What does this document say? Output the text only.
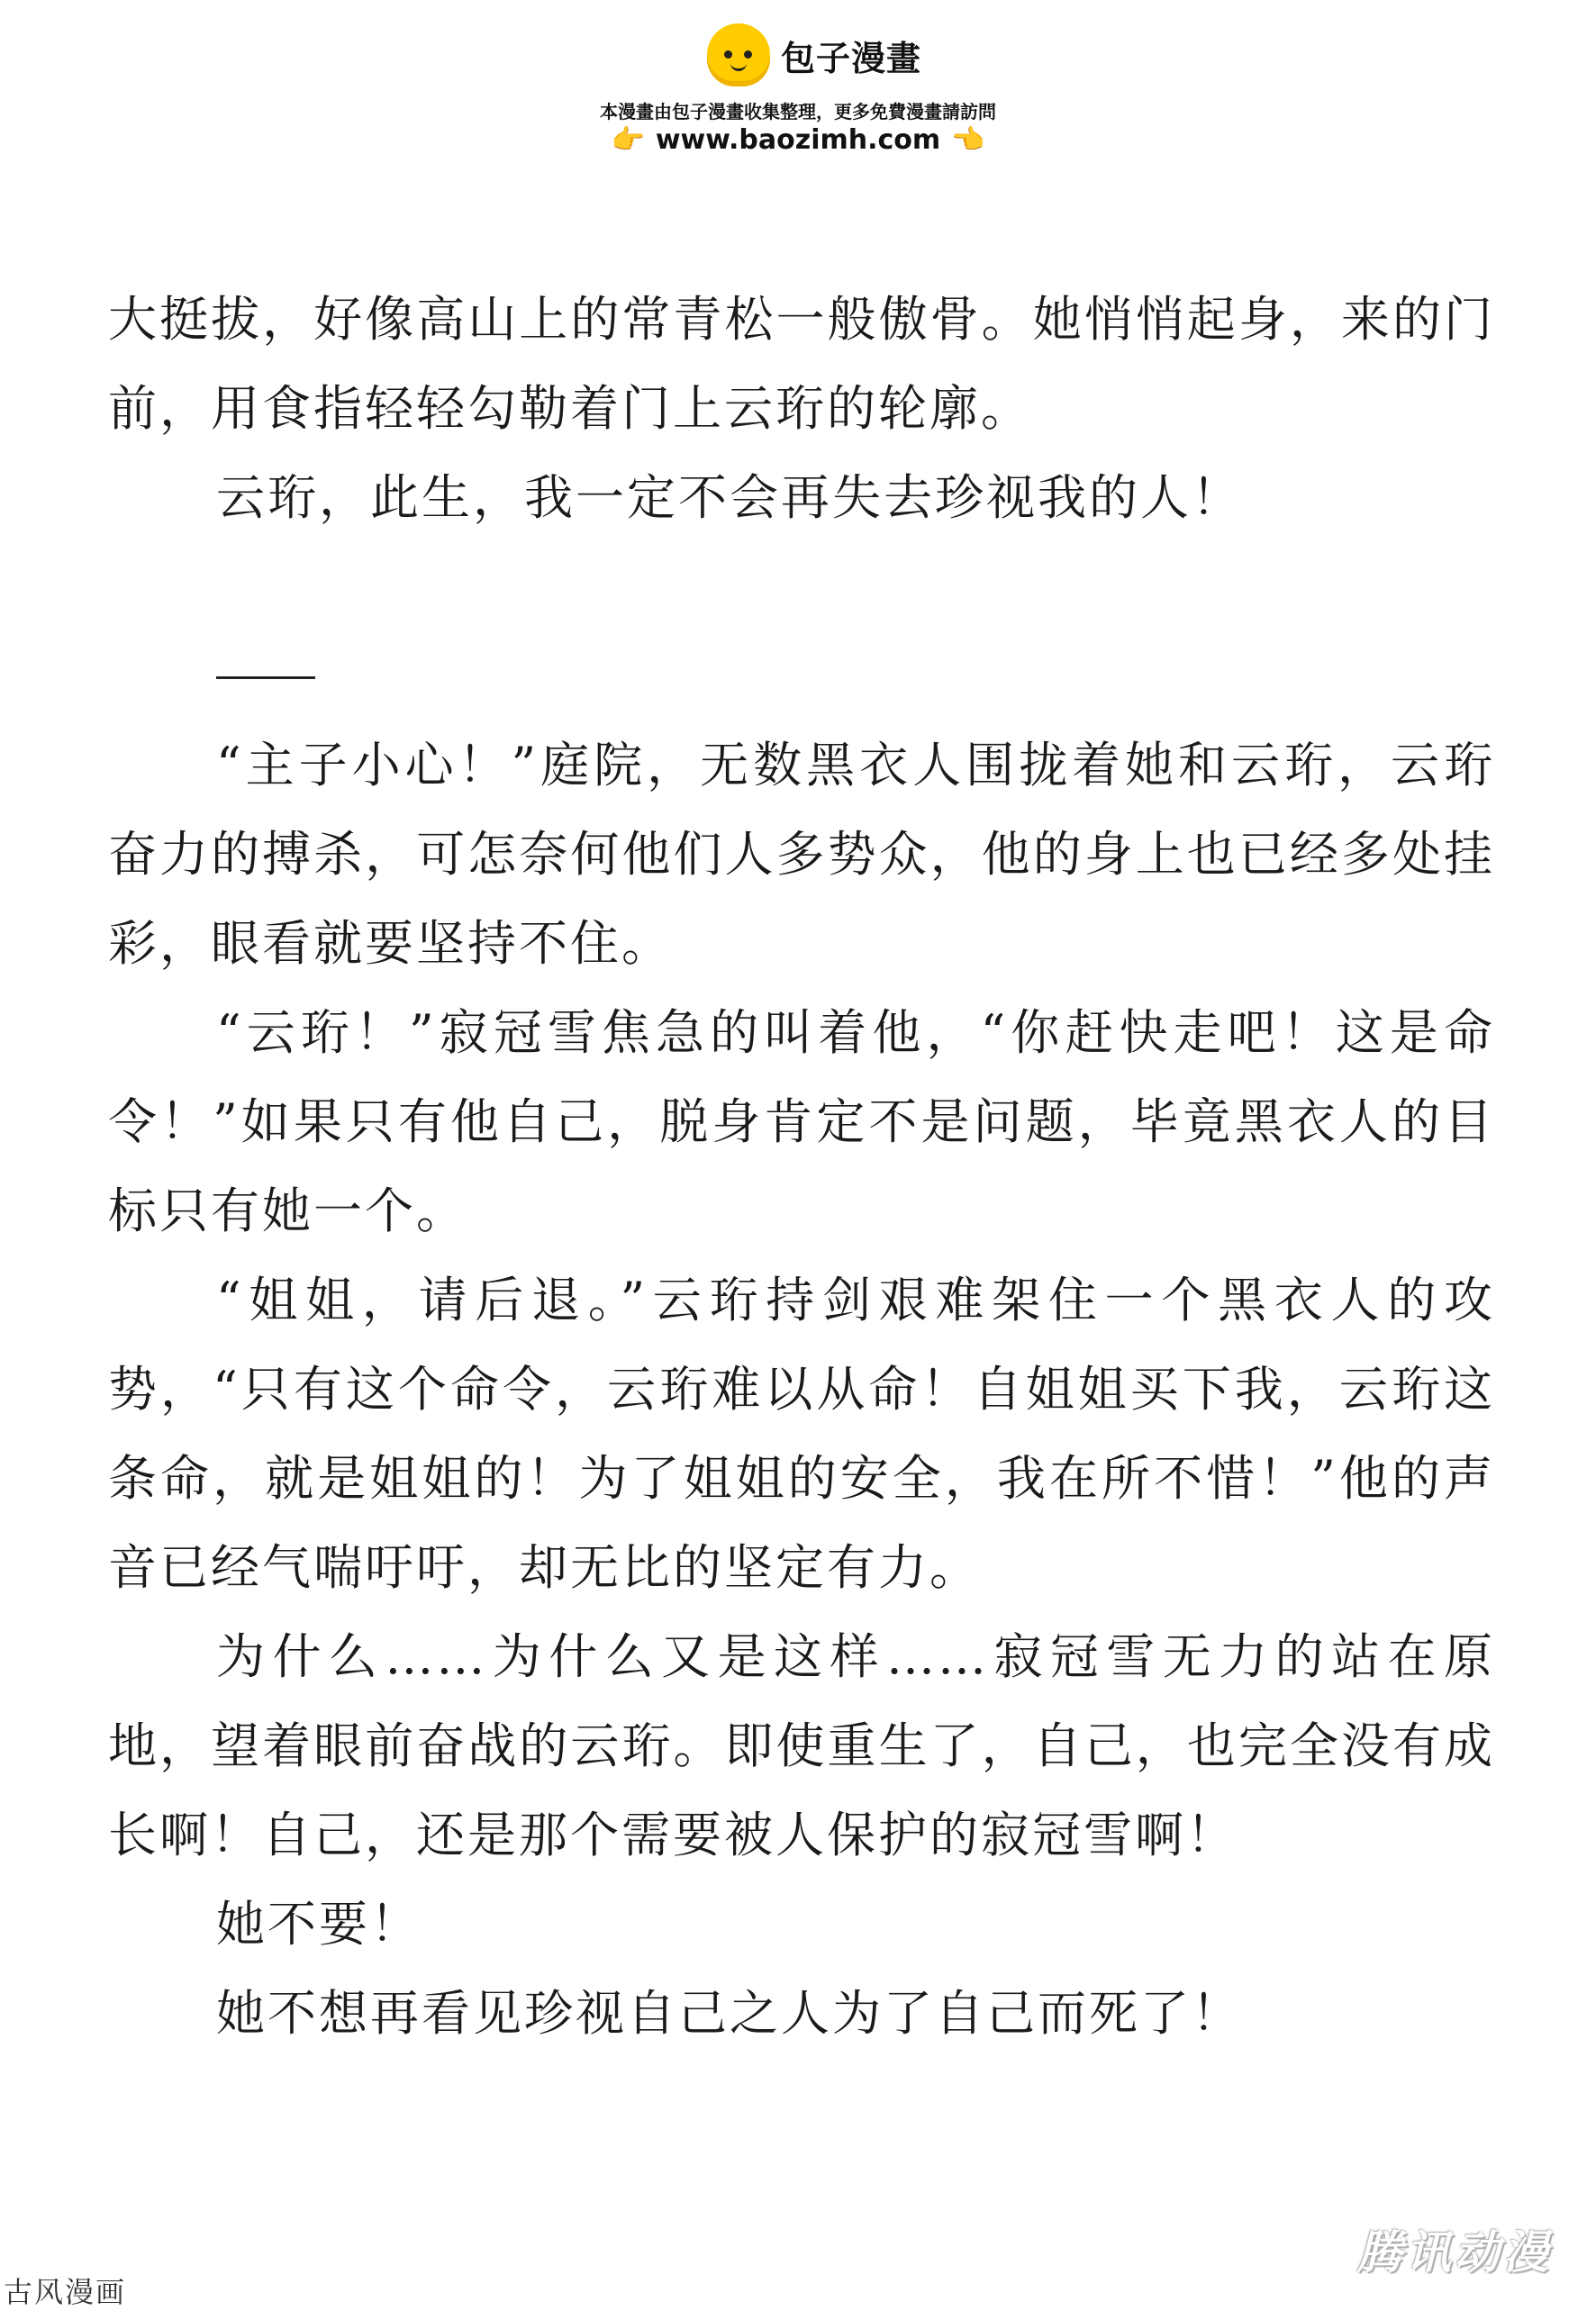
包子漫畫
本漫畫由包子漫畫收集整理，更多免費漫畫請訪問
👉 www.baozimh.com 👈

大挺拔，好像高山上的常青松一般傲骨。她悄悄起身，来的门前，用食指轻轻勾勒着门上云珩的轮廓。

云珩，此生，我一定不会再失去珍视我的人！

“主子小心！”庭院，无数黑衣人围拢着她和云珩，云珩奋力的搏杀，可怎奈何他们人多势众，他的身上也已经多处挂彩，眼看就要坚持不住。

“云珩！”寂冠雪焦急的叫着他，“你赶快走吧！这是命令！”如果只有他自己，脱身肯定不是问题，毕竟黑衣人的目标只有她一个。

“姐姐，请后退。”云珩持剑艰难架住一个黑衣人的攻势，“只有这个命令，云珩难以从命！自姐姐买下我，云珩这条命，就是姐姐的！为了姐姐的安全，我在所不惜！”他的声音已经气喘吁吁，却无比的坚定有力。

为什么……为什么又是这样……寂冠雪无力的站在原地，望着眼前奋战的云珩。即使重生了，自己，也完全没有成长啊！自己，还是那个需要被人保护的寂冠雪啊！

她不要！

她不想再看见珍视自己之人为了自己而死了！

古风漫画
腾讯动漫
